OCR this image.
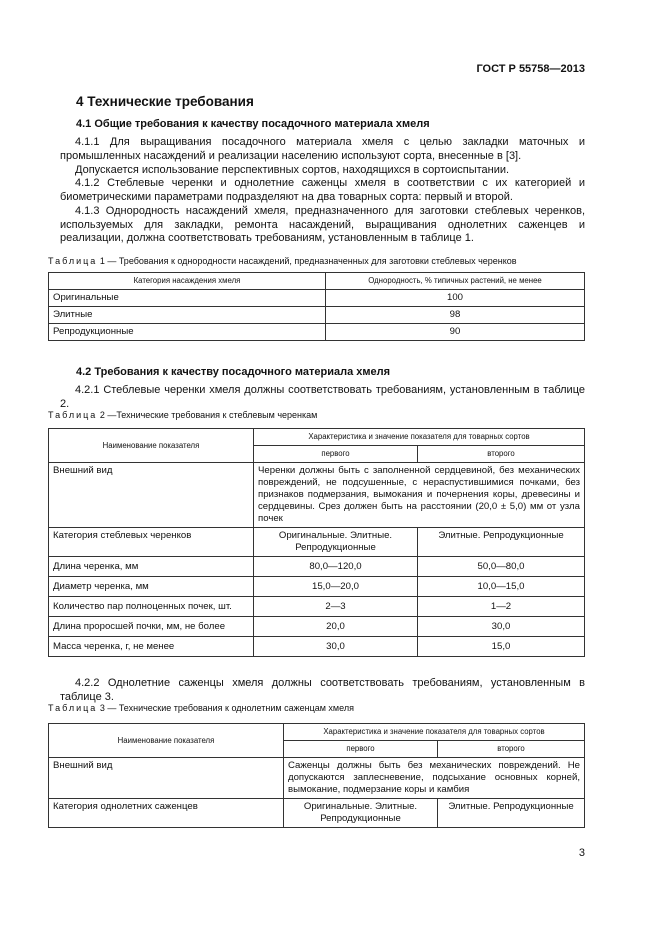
ГОСТ Р 55758—2013
4 Технические требования
4.1 Общие требования к качеству посадочного материала хмеля

4.1.1 Для выращивания посадочного материала хмеля с целью закладки маточных и промышленных насаждений и реализации населению используют сорта, внесенные в [3].

Допускается использование перспективных сортов, находящихся в сортоиспытании.

4.1.2 Стеблевые черенки и однолетние саженцы хмеля в соответствии с их категорией и биометрическими параметрами подразделяют на два товарных сорта: первый и второй.

4.1.3 Однородность насаждений хмеля, предназначенного для заготовки стеблевых черенков, используемых для закладки, ремонта насаждений, выращивания однолетних саженцев и реализации, должна соответствовать требованиям, установленным в таблице 1.

Таблица 1 — Требования к однородности насаждений, предназначенных для заготовки стеблевых черенков
Категория насаждения хмеля	Однородность, % типичных растений, не менее
Оригинальные	100
Элитные	98
Репродукционные	90
4.2 Требования к качеству посадочного материала хмеля

4.2.1 Стеблевые черенки хмеля должны соответствовать требованиям, установленным в таблице 2.

Таблица 2 —Технические требования к стеблевым черенкам
Наименование показателя	Характеристика и значение показателя для товарных сортов	
	первого	второго
Внешний вид	Черенки должны быть с заполненной сердцевиной, без механических повреждений, не подсушенные, с нераспустившимися почками, без признаков подмерзания, вымокания и почернения коры, древесины и сердцевины. Срез должен быть на расстоянии (20,0 ± 5,0) мм от узла почек	
Категория стеблевых черенков	Оригинальные. Элитные. Репродукционные	Элитные. Репродукционные
Длина черенка, мм	80,0—120,0	50,0—80,0
Диаметр черенка, мм	15,0—20,0	10,0—15,0
Количество пар полноценных почек, шт.	2—3	1—2
Длина проросшей почки, мм, не более	20,0	30,0
Масса черенка, г, не менее	30,0	15,0

4.2.2 Однолетние саженцы хмеля должны соответствовать требованиям, установленным в таблице 3.

Таблица 3 — Технические требования к однолетним саженцам хмеля
Наименование показателя	Характеристика и значение показателя для товарных сортов	
	первого	второго
Внешний вид	Саженцы должны быть без механических повреждений. Не допускаются заплесневение, подсыхание основных корней, вымокание, подмерзание коры и камбия	
Категория однолетних саженцев	Оригинальные. Элитные. Репродукционные	Элитные. Репродукционные
3
